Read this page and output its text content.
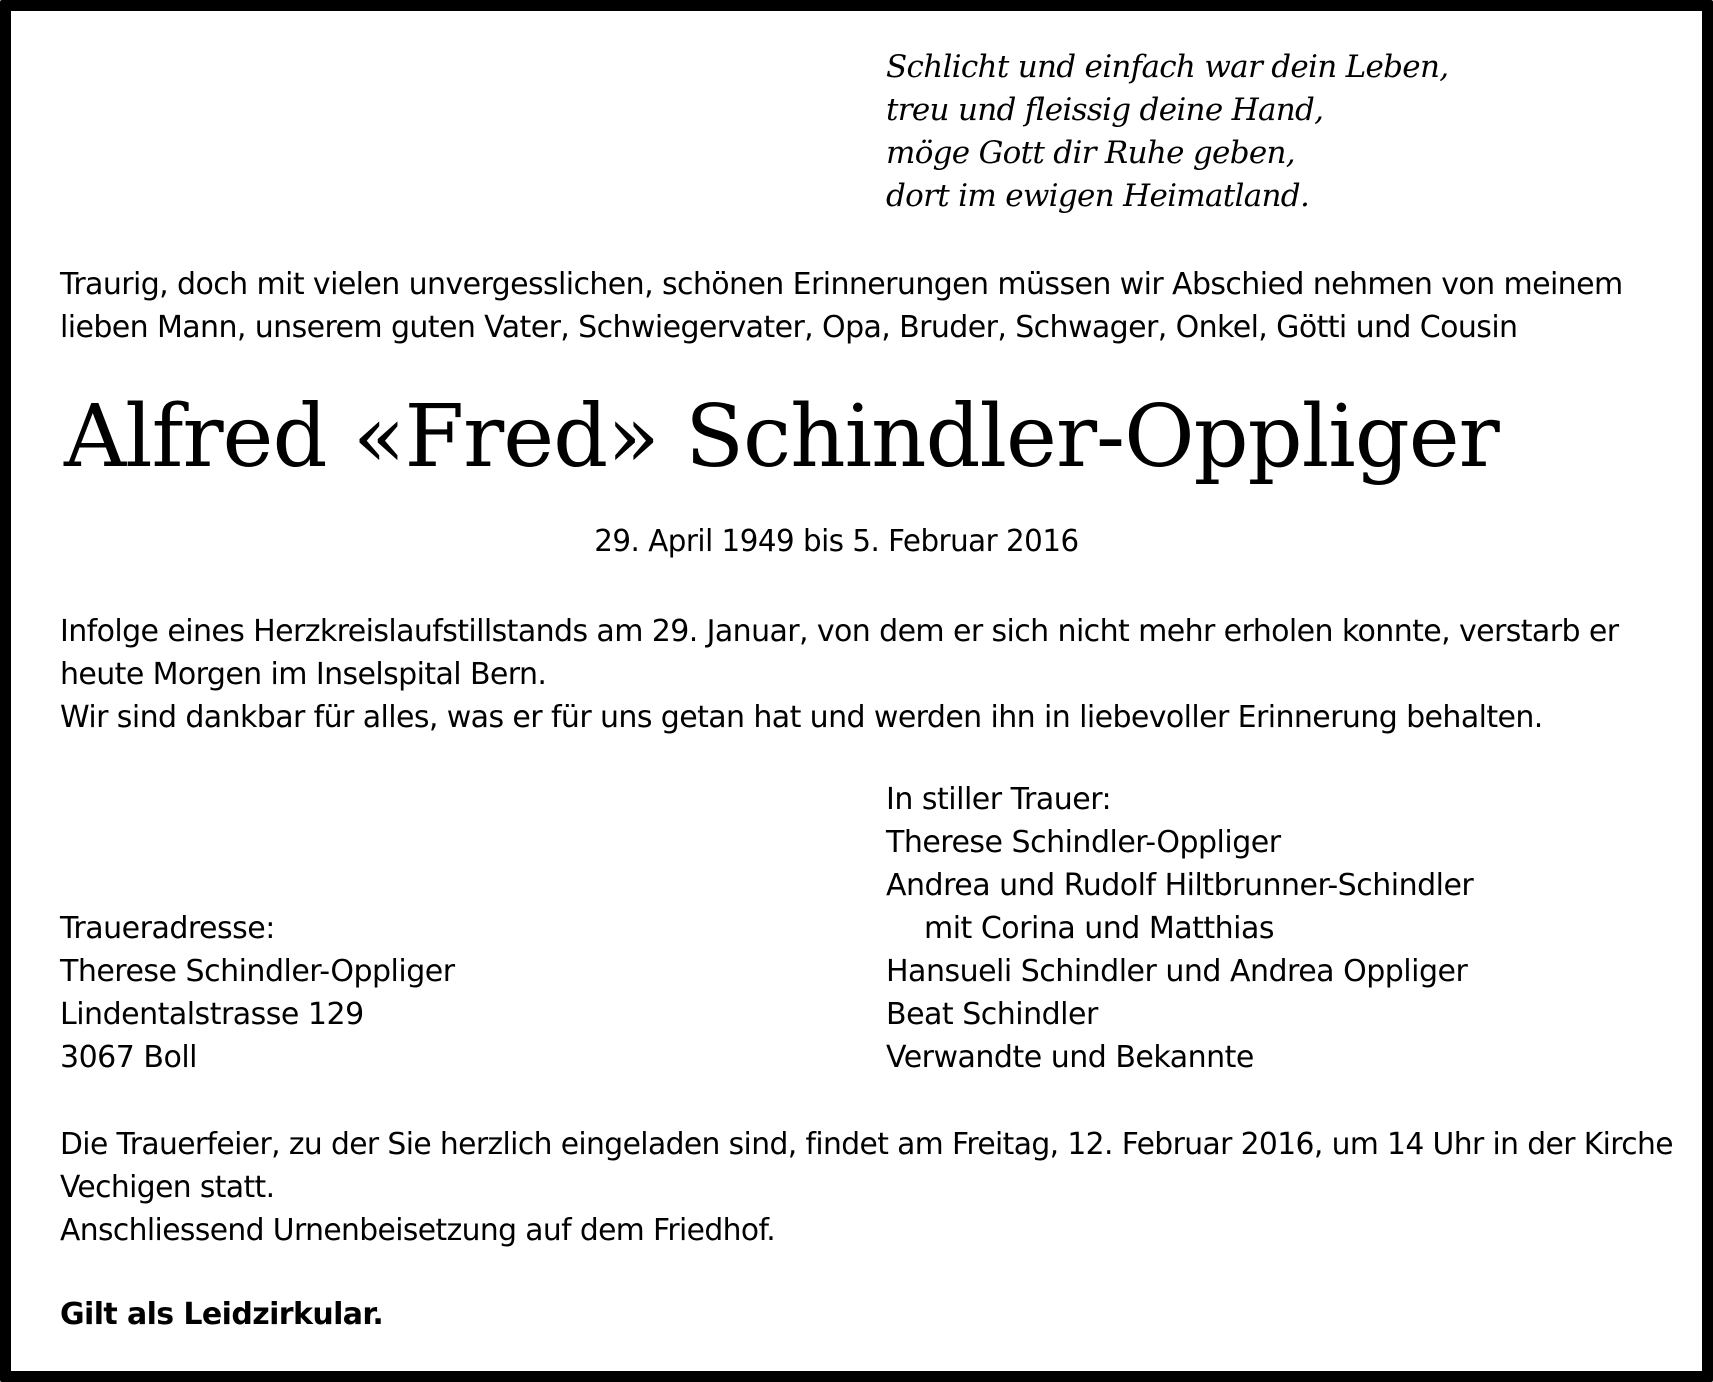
Schlicht und einfach war dein Leben,
treu und fleissig deine Hand,
möge Gott dir Ruhe geben,
dort im ewigen Heimatland.
Traurig, doch mit vielen unvergesslichen, schönen Erinnerungen müssen wir Abschied nehmen von meinem
lieben Mann, unserem guten Vater, Schwiegervater, Opa, Bruder, Schwager, Onkel, Götti und Cousin
Alfred «Fred» Schindler-Oppliger
29. April 1949 bis 5. Februar 2016
Infolge eines Herzkreislaufstillstands am 29. Januar, von dem er sich nicht mehr erholen konnte, verstarb er
heute Morgen im Inselspital Bern.
Wir sind dankbar für alles, was er für uns getan hat und werden ihn in liebevoller Erinnerung behalten.
In stiller Trauer:
Therese Schindler-Oppliger
Andrea und Rudolf Hiltbrunner-Schindler
mit Corina und Matthias
Hansueli Schindler und Andrea Oppliger
Beat Schindler
Verwandte und Bekannte
Traueradresse:
Therese Schindler-Oppliger
Lindentalstrasse 129
3067 Boll
Die Trauerfeier, zu der Sie herzlich eingeladen sind, findet am Freitag, 12. Februar 2016, um 14 Uhr in der Kirche
Vechigen statt.
Anschliessend Urnenbeisetzung auf dem Friedhof.
Gilt als Leidzirkular.
